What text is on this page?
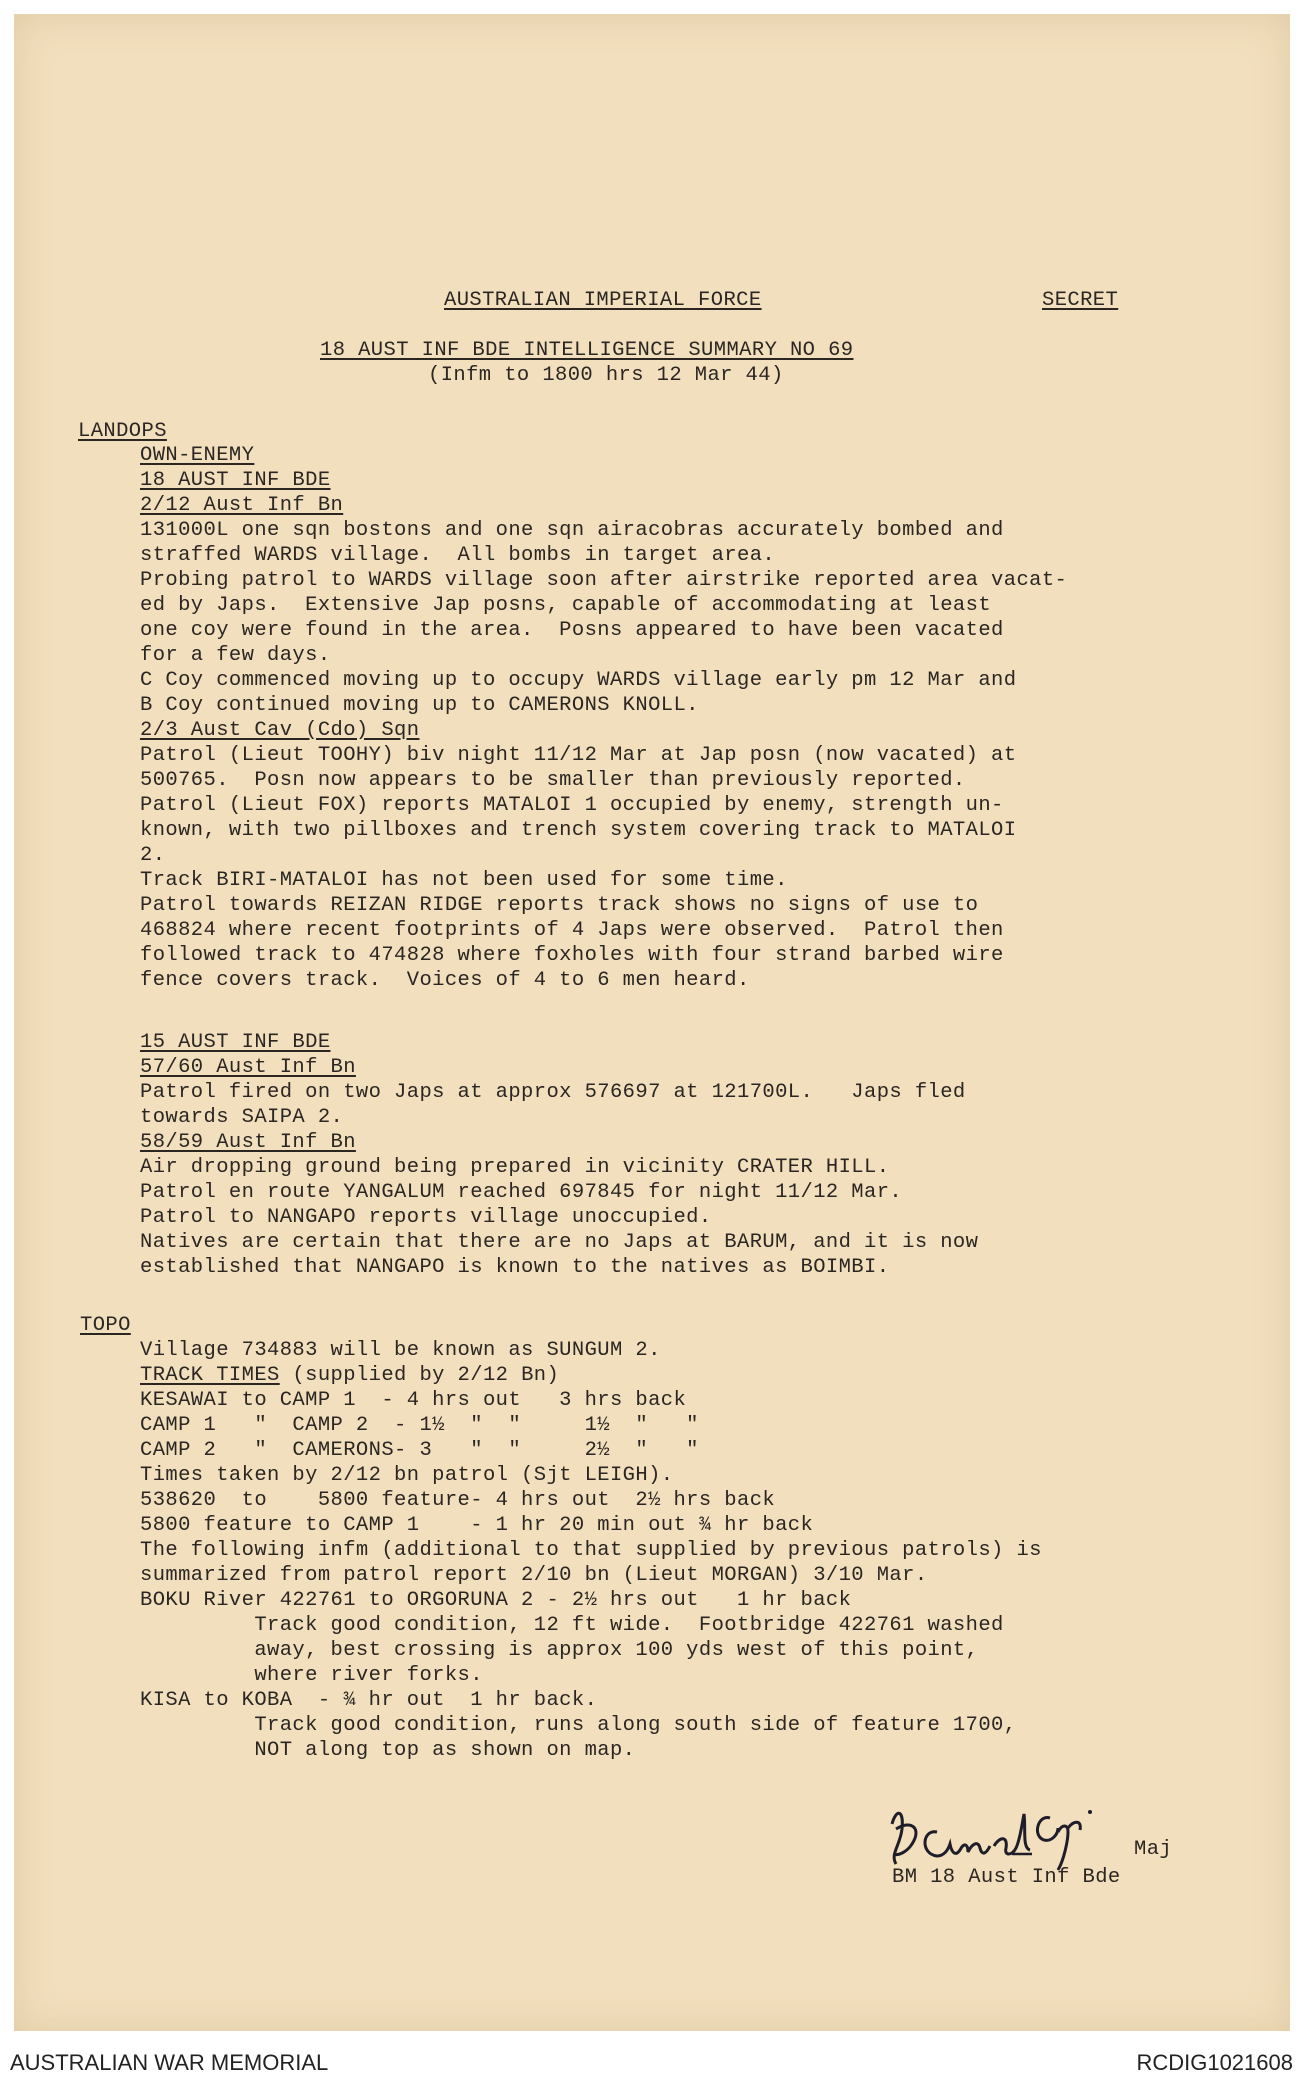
AUSTRALIAN IMPERIAL FORCE	SECRET
18 AUST INF BDE INTELLIGENCE SUMMARY NO 69
(Infm to 1800 hrs 12 Mar 44)
LANDOPS
OWN-ENEMY
18 AUST INF BDE
2/12 Aust Inf Bn
131000L one sqn bostons and one sqn airacobras accurately bombed and
straffed WARDS village.  All bombs in target area.
Probing patrol to WARDS village soon after airstrike reported area vacat-
ed by Japs.  Extensive Jap posns, capable of accommodating at least
one coy were found in the area.  Posns appeared to have been vacated
for a few days.
C Coy commenced moving up to occupy WARDS village early pm 12 Mar and
B Coy continued moving up to CAMERONS KNOLL.
2/3 Aust Cav (Cdo) Sqn
Patrol (Lieut TOOHY) biv night 11/12 Mar at Jap posn (now vacated) at
500765.  Posn now appears to be smaller than previously reported.
Patrol (Lieut FOX) reports MATALOI 1 occupied by enemy, strength un-
known, with two pillboxes and trench system covering track to MATALOI
2.
Track BIRI-MATALOI has not been used for some time.
Patrol towards REIZAN RIDGE reports track shows no signs of use to
468824 where recent footprints of 4 Japs were observed.  Patrol then
followed track to 474828 where foxholes with four strand barbed wire
fence covers track.  Voices of 4 to 6 men heard.
15 AUST INF BDE
57/60 Aust Inf Bn
Patrol fired on two Japs at approx 576697 at 121700L.   Japs fled
towards SAIPA 2.
58/59 Aust Inf Bn
Air dropping ground being prepared in vicinity CRATER HILL.
Patrol en route YANGALUM reached 697845 for night 11/12 Mar.
Patrol to NANGAPO reports village unoccupied.
Natives are certain that there are no Japs at BARUM, and it is now
established that NANGAPO is known to the natives as BOIMBI.
TOPO
Village 734883 will be known as SUNGUM 2.
TRACK TIMES (supplied by 2/12 Bn)
KESAWAI to CAMP 1  - 4 hrs out   3 hrs back
CAMP 1   "  CAMP 2  - 1½  "  "     1½  "   "
CAMP 2   "  CAMERONS- 3   "  "     2½  "   "
Times taken by 2/12 bn patrol (Sjt LEIGH).
538620  to    5800 feature- 4 hrs out  2½ hrs back
5800 feature to CAMP 1    - 1 hr 20 min out ¾ hr back
The following infm (additional to that supplied by previous patrols) is
summarized from patrol report 2/10 bn (Lieut MORGAN) 3/10 Mar.
BOKU River 422761 to ORGORUNA 2 - 2½ hrs out   1 hr back
Track good condition, 12 ft wide.  Footbridge 422761 washed
away, best crossing is approx 100 yds west of this point,
where river forks.
KISA to KOBA  - ¾ hr out  1 hr back.
Track good condition, runs along south side of feature 1700,
NOT along top as shown on map.
Maj
BM 18 Aust Inf Bde
AUSTRALIAN WAR MEMORIAL	RCDIG1021608
